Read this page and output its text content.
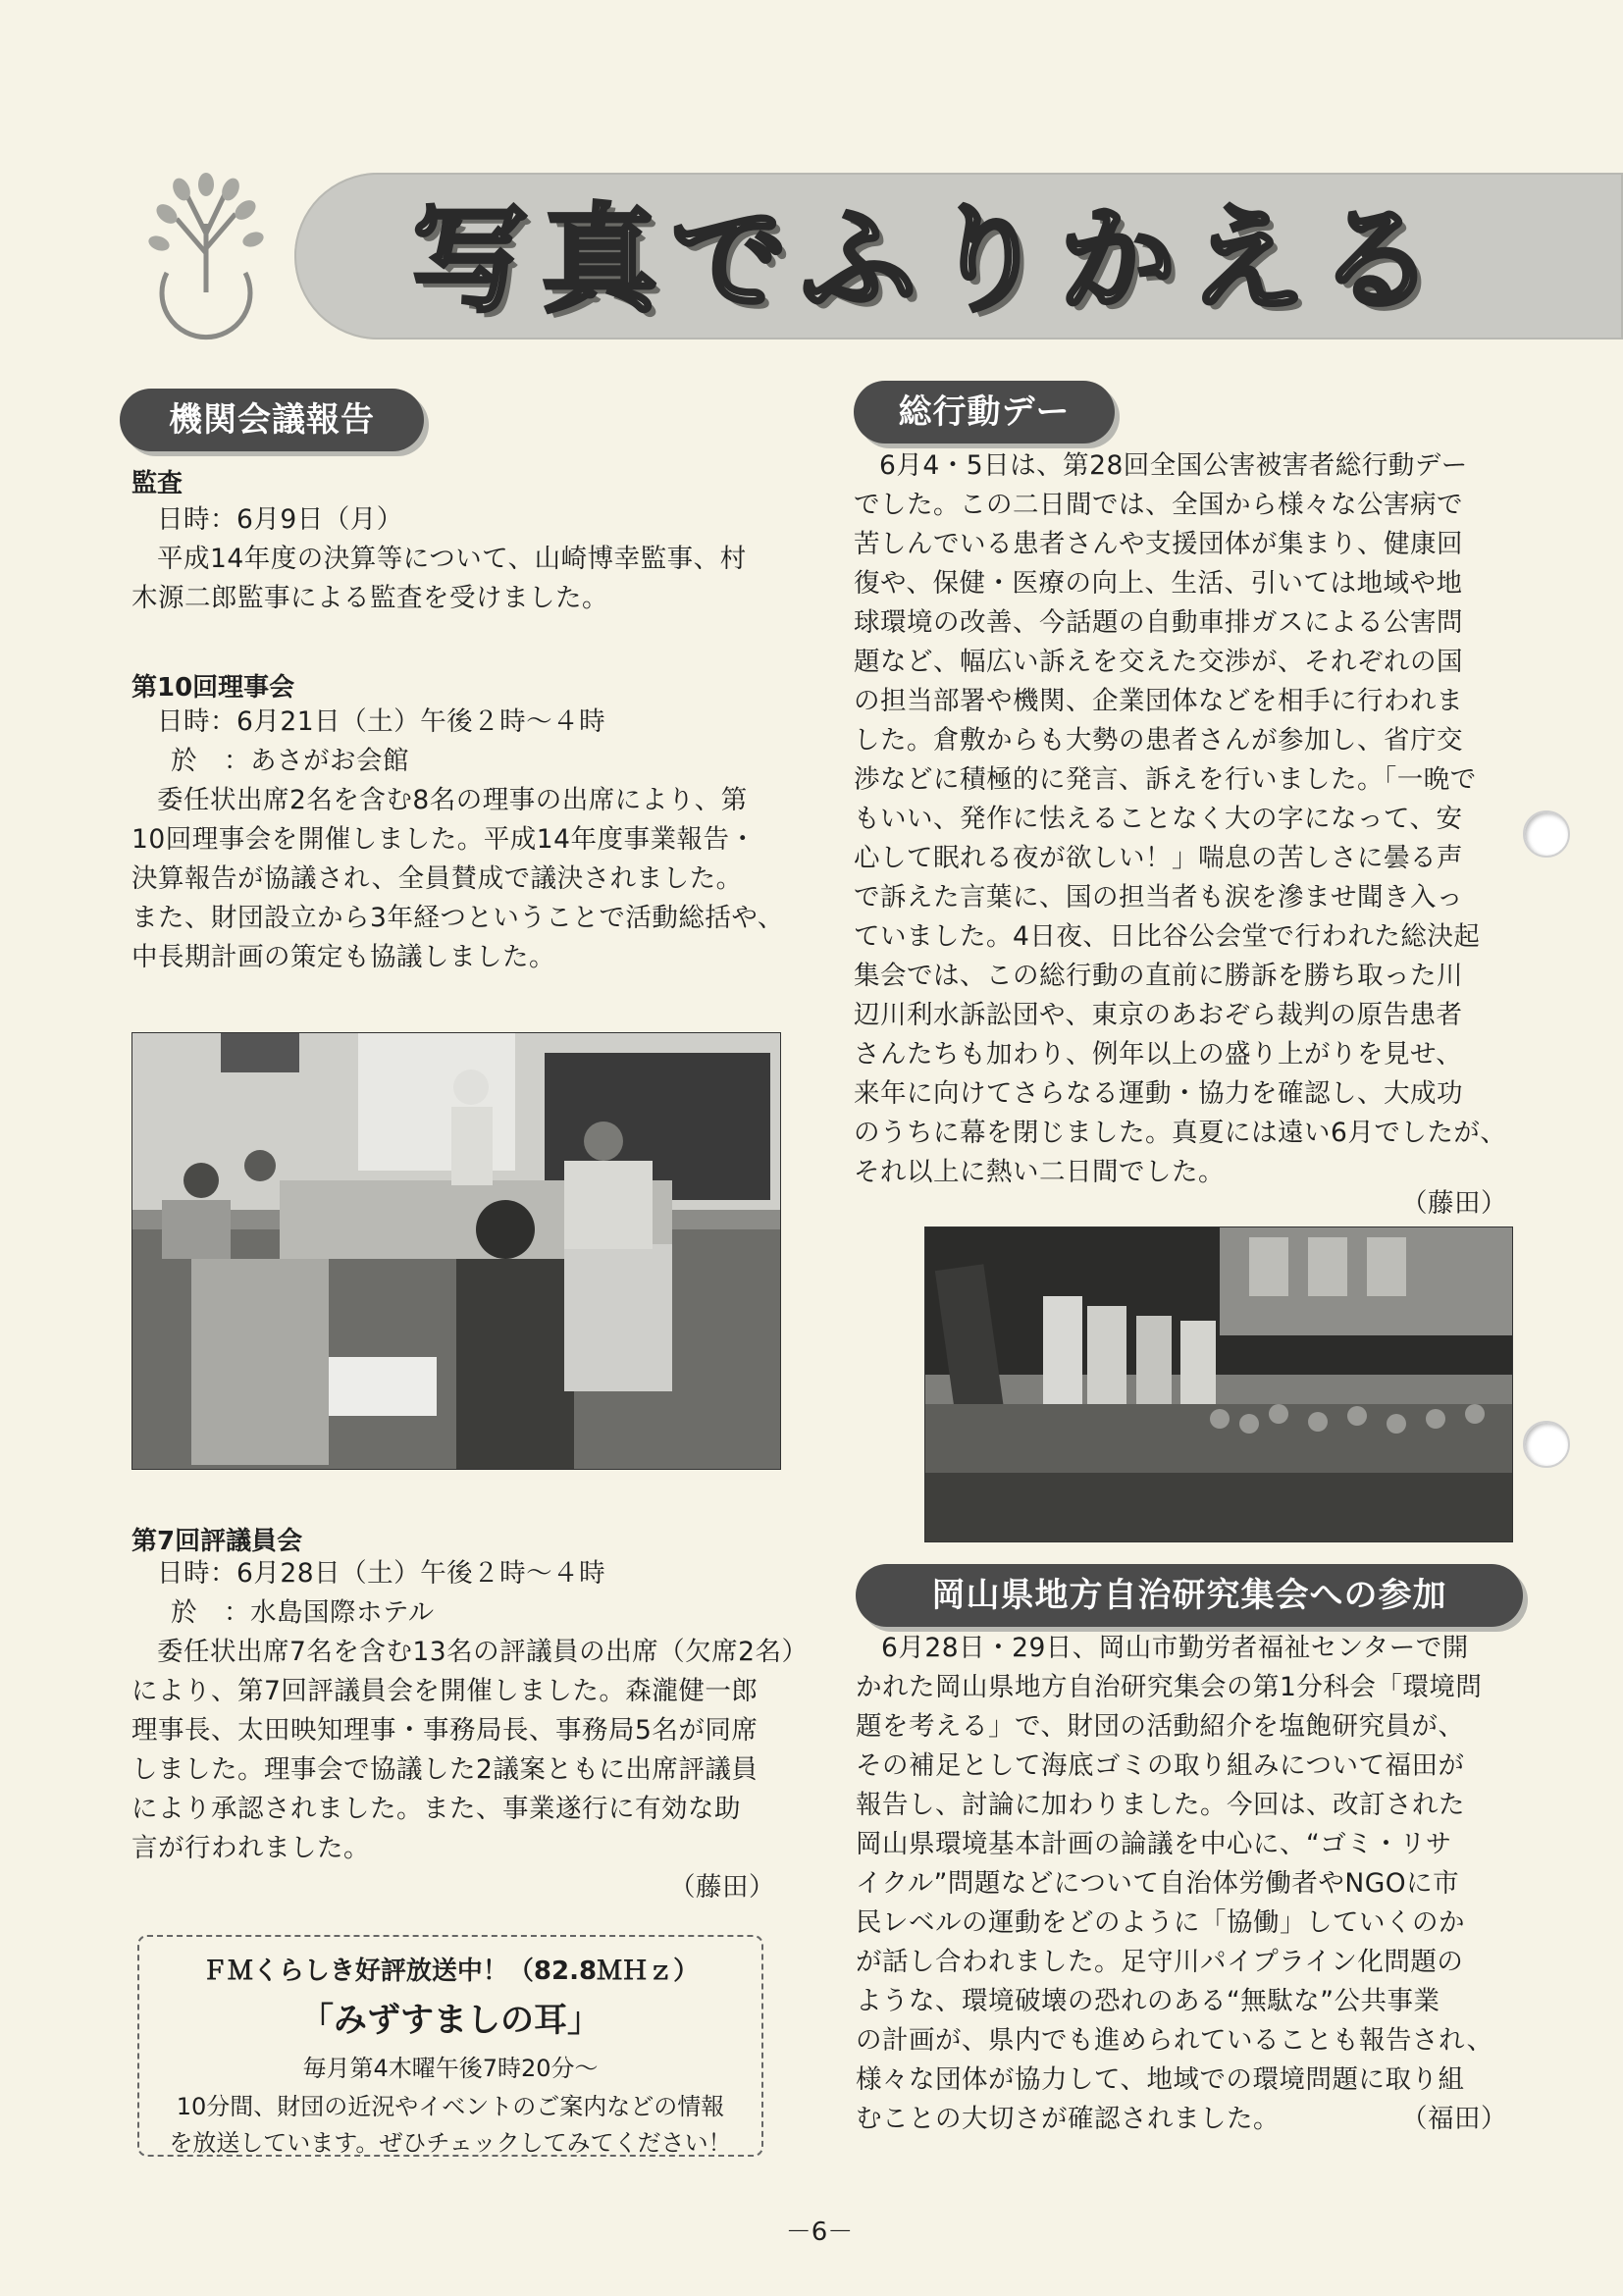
写真でふりかえる
機関会議報告
監査
日時：6月9日（月）
平成14年度の決算等について、山崎博幸監事、村
木源二郎監事による監査を受けました。
第10回理事会
日時：6月21日（土）午後２時～４時
於　：あさがお会館
委任状出席2名を含む8名の理事の出席により、第
10回理事会を開催しました。平成14年度事業報告・
決算報告が協議され、全員賛成で議決されました。
また、財団設立から3年経つということで活動総括や、
中長期計画の策定も協議しました。
第7回評議員会
日時：6月28日（土）午後２時～４時
於　：水島国際ホテル
委任状出席7名を含む13名の評議員の出席（欠席2名）
により、第7回評議員会を開催しました。森瀧健一郎
理事長、太田映知理事・事務局長、事務局5名が同席
しました。理事会で協議した2議案ともに出席評議員
により承認されました。また、事業遂行に有効な助
言が行われました。
（藤田）
ＦＭくらしき好評放送中！（82.8ＭＨｚ）
「みずすましの耳」
毎月第4木曜午後7時20分～
10分間、財団の近況やイベントのご案内などの情報
を放送しています。ぜひチェックしてみてください！
総行動デー
6月4・5日は、第28回全国公害被害者総行動デー
でした。この二日間では、全国から様々な公害病で
苦しんでいる患者さんや支援団体が集まり、健康回
復や、保健・医療の向上、生活、引いては地域や地
球環境の改善、今話題の自動車排ガスによる公害問
題など、幅広い訴えを交えた交渉が、それぞれの国
の担当部署や機関、企業団体などを相手に行われま
した。倉敷からも大勢の患者さんが参加し、省庁交
渉などに積極的に発言、訴えを行いました。「一晩で
もいい、発作に怯えることなく大の字になって、安
心して眠れる夜が欲しい！」喘息の苦しさに曇る声
で訴えた言葉に、国の担当者も涙を滲ませ聞き入っ
ていました。4日夜、日比谷公会堂で行われた総決起
集会では、この総行動の直前に勝訴を勝ち取った川
辺川利水訴訟団や、東京のあおぞら裁判の原告患者
さんたちも加わり、例年以上の盛り上がりを見せ、
来年に向けてさらなる運動・協力を確認し、大成功
のうちに幕を閉じました。真夏には遠い6月でしたが、
それ以上に熱い二日間でした。
（藤田）
岡山県地方自治研究集会への参加
6月28日・29日、岡山市勤労者福祉センターで開
かれた岡山県地方自治研究集会の第1分科会「環境問
題を考える」で、財団の活動紹介を塩飽研究員が、
その補足として海底ゴミの取り組みについて福田が
報告し、討論に加わりました。今回は、改訂された
岡山県環境基本計画の論議を中心に、“ゴミ・リサ
イクル”問題などについて自治体労働者やNGOに市
民レベルの運動をどのように「協働」していくのか
が話し合われました。足守川パイプライン化問題の
ような、環境破壊の恐れのある“無駄な”公共事業
の計画が、県内でも進められていることも報告され、
様々な団体が協力して、地域での環境問題に取り組
むことの大切さが確認されました。	（福田）
－6－
